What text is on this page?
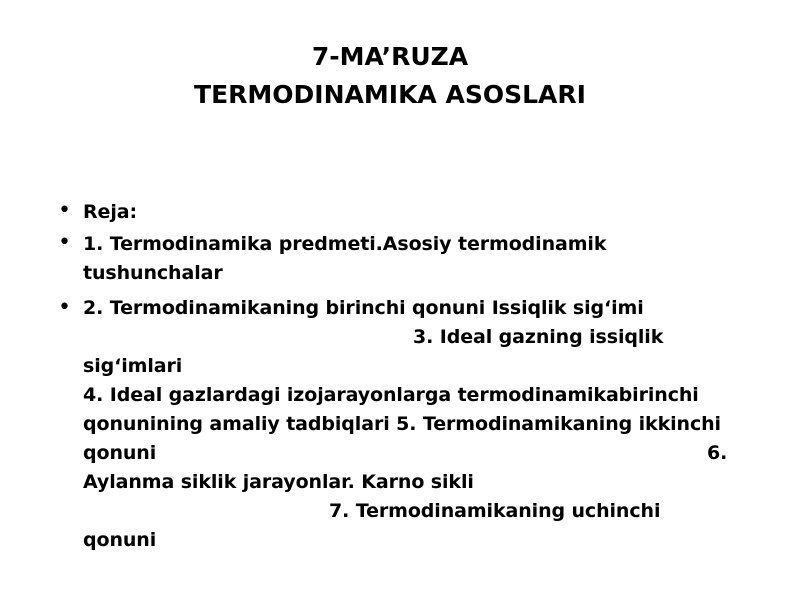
7-MA’RUZA
TERMODINAMIKA ASOSLARI
• Reja:
• 1. Termodinamika predmeti.Asosiy termodinamik
tushunchalar
• 2. Termodinamikaning birinchi qonuni Issiqlik sig‘imi
3. Ideal gazning issiqlik
sig‘imlari
4. Ideal gazlardagi izojarayonlarga termodinamikabirinchi
qonunining amaliy tadbiqlari 5. Termodinamikaning ikkinchi
qonuni	6.
Aylanma siklik jarayonlar. Karno sikli
7. Termodinamikaning uchinchi
qonuni
